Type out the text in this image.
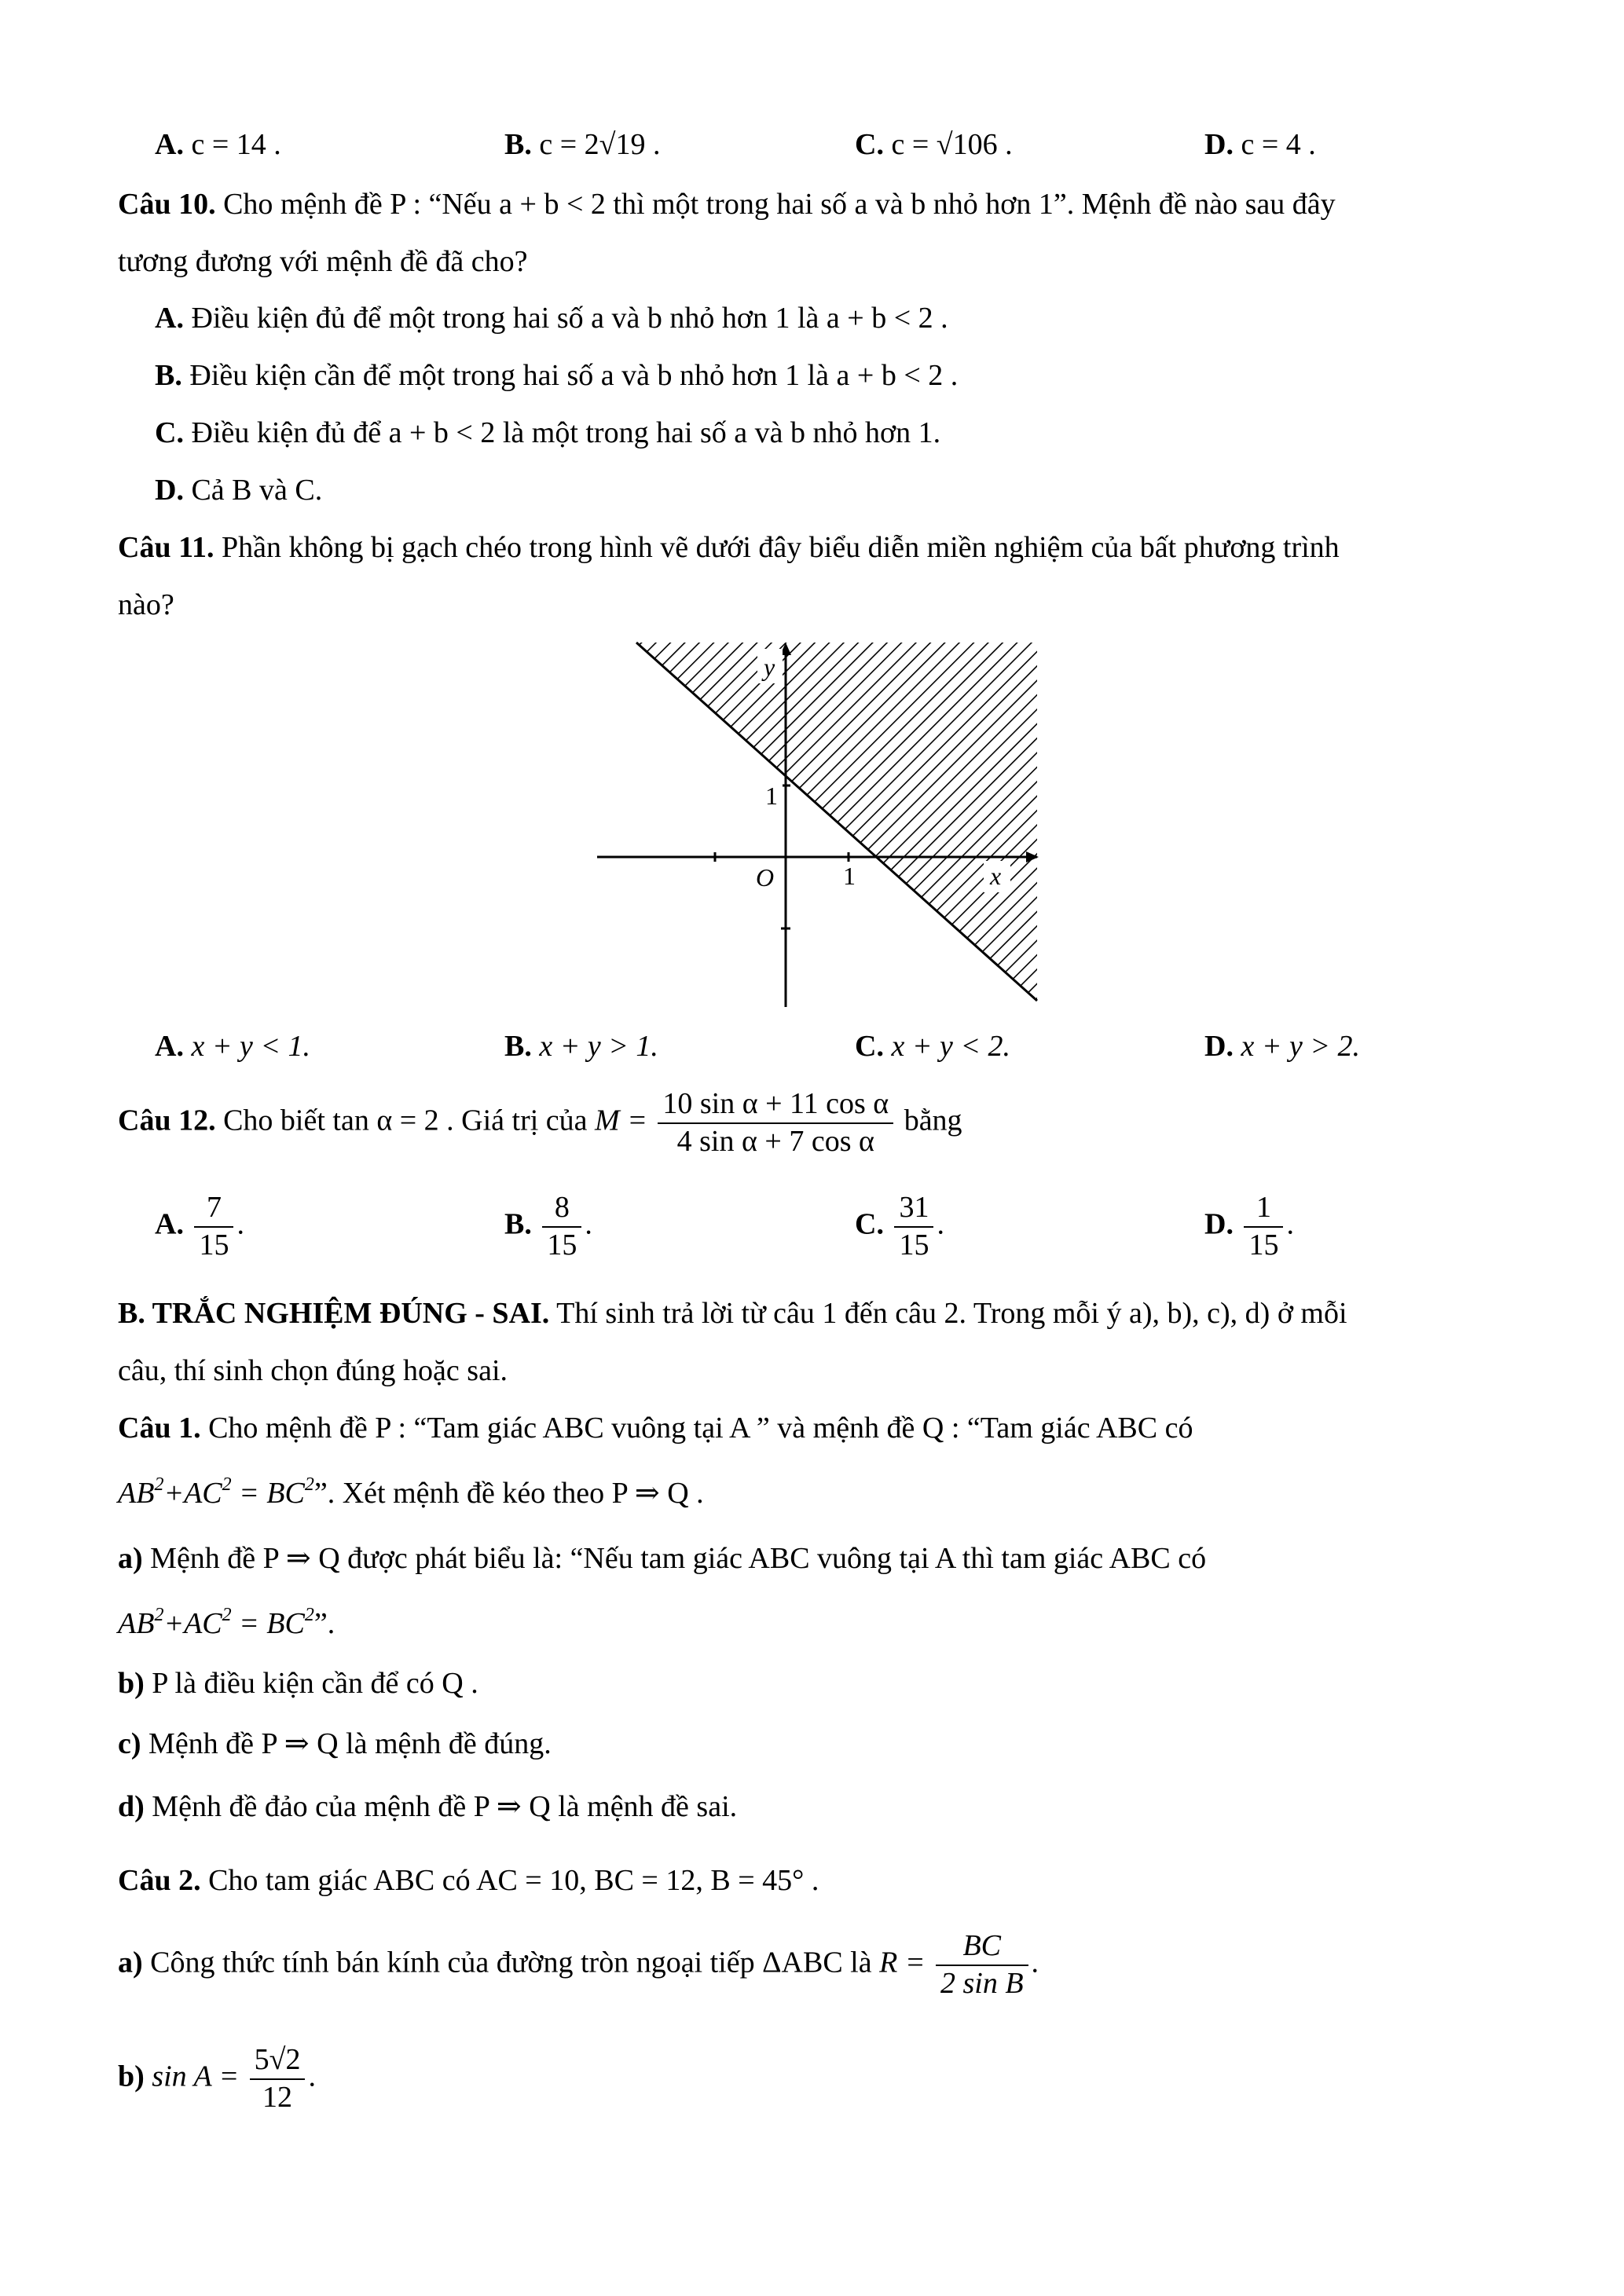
A. c = 14 .	B. c = 2√19 .	C. c = √106 .	D. c = 4 .
Câu 10. Cho mệnh đề P : “Nếu a + b < 2 thì một trong hai số a và b nhỏ hơn 1”. Mệnh đề nào sau đây
tương đương với mệnh đề đã cho?
A. Điều kiện đủ để một trong hai số a và b nhỏ hơn 1 là a + b < 2 .
B. Điều kiện cần để một trong hai số a và b nhỏ hơn 1 là a + b < 2 .
C. Điều kiện đủ để a + b < 2 là một trong hai số a và b nhỏ hơn 1.
D. Cả B và C.
Câu 11. Phần không bị gạch chéo trong hình vẽ dưới đây biểu diễn miền nghiệm của bất phương trình
nào?
y
x
O	1
1
A. x + y < 1.	B. x + y > 1.	C. x + y < 2.	D. x + y > 2.
Câu 12. Cho biết tan α = 2 . Giá trị của $M = \frac{\text{10 sin α + 11 cos α}}{\text{4 sin α + 7 cos α}}$ bằng
A. $\frac{7}{15}$ .	B. $\frac{8}{15}$ .	C. $\frac{31}{15}$ .	D. $\frac{1}{15}$ .
B. TRẮC NGHIỆM ĐÚNG - SAI. Thí sinh trả lời từ câu 1 đến câu 2. Trong mỗi ý a), b), c), d) ở mỗi
câu, thí sinh chọn đúng hoặc sai.
Câu 1. Cho mệnh đề P : “Tam giác ABC vuông tại A ” và mệnh đề Q : “Tam giác ABC có
$AB^2+AC^2 = BC^2$”. Xét mệnh đề kéo theo P ⇒ Q .
a) Mệnh đề P ⇒ Q được phát biểu là: “Nếu tam giác ABC vuông tại A thì tam giác ABC có
$AB^2+AC^2 = BC^2$”.
b) P là điều kiện cần để có Q .
c) Mệnh đề P ⇒ Q là mệnh đề đúng.
d) Mệnh đề đảo của mệnh đề P ⇒ Q là mệnh đề sai.
Câu 2. Cho tam giác ABC có AC = 10, BC = 12, B = 45° .
a) Công thức tính bán kính của đường tròn ngoại tiếp ΔABC là $R = \frac{BC}{\text{2 sin B}}$ .
b) $\sin A = \frac{5√2}{12}$ .
